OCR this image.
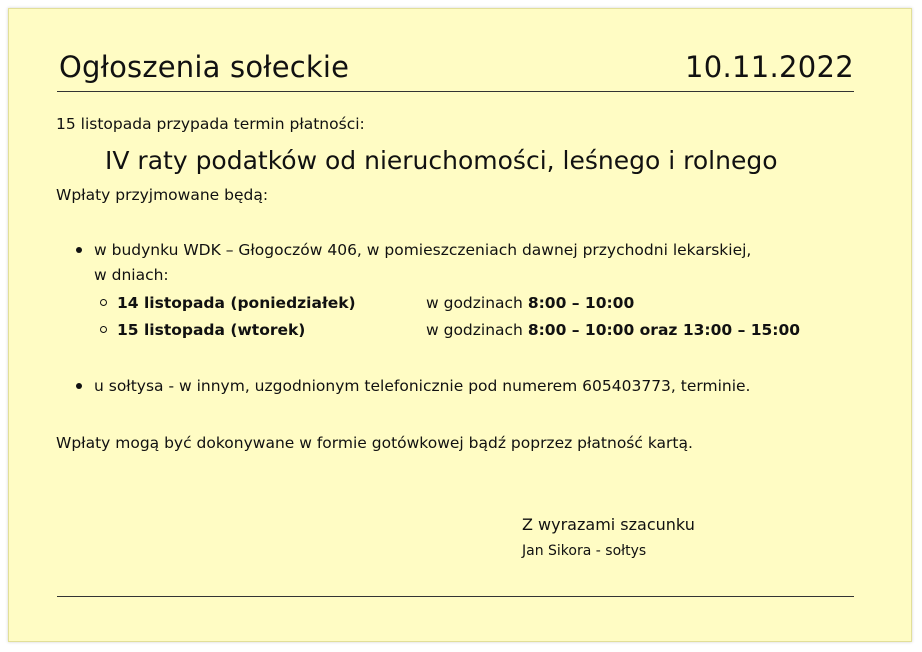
Ogłoszenia sołeckie	10.11.2022
15 listopada przypada termin płatności:
IV raty podatków od nieruchomości, leśnego i rolnego
Wpłaty przyjmowane będą:
w budynku WDK – Głogoczów 406, w pomieszczeniach dawnej przychodni lekarskiej,
w dniach:
14 listopada (poniedziałek)	w godzinach 8:00 – 10:00
15 listopada (wtorek)	w godzinach 8:00 – 10:00 oraz 13:00 – 15:00
u sołtysa - w innym, uzgodnionym telefonicznie pod numerem 605403773, terminie.
Wpłaty mogą być dokonywane w formie gotówkowej bądź poprzez płatność kartą.
Z wyrazami szacunku
Jan Sikora - sołtys
